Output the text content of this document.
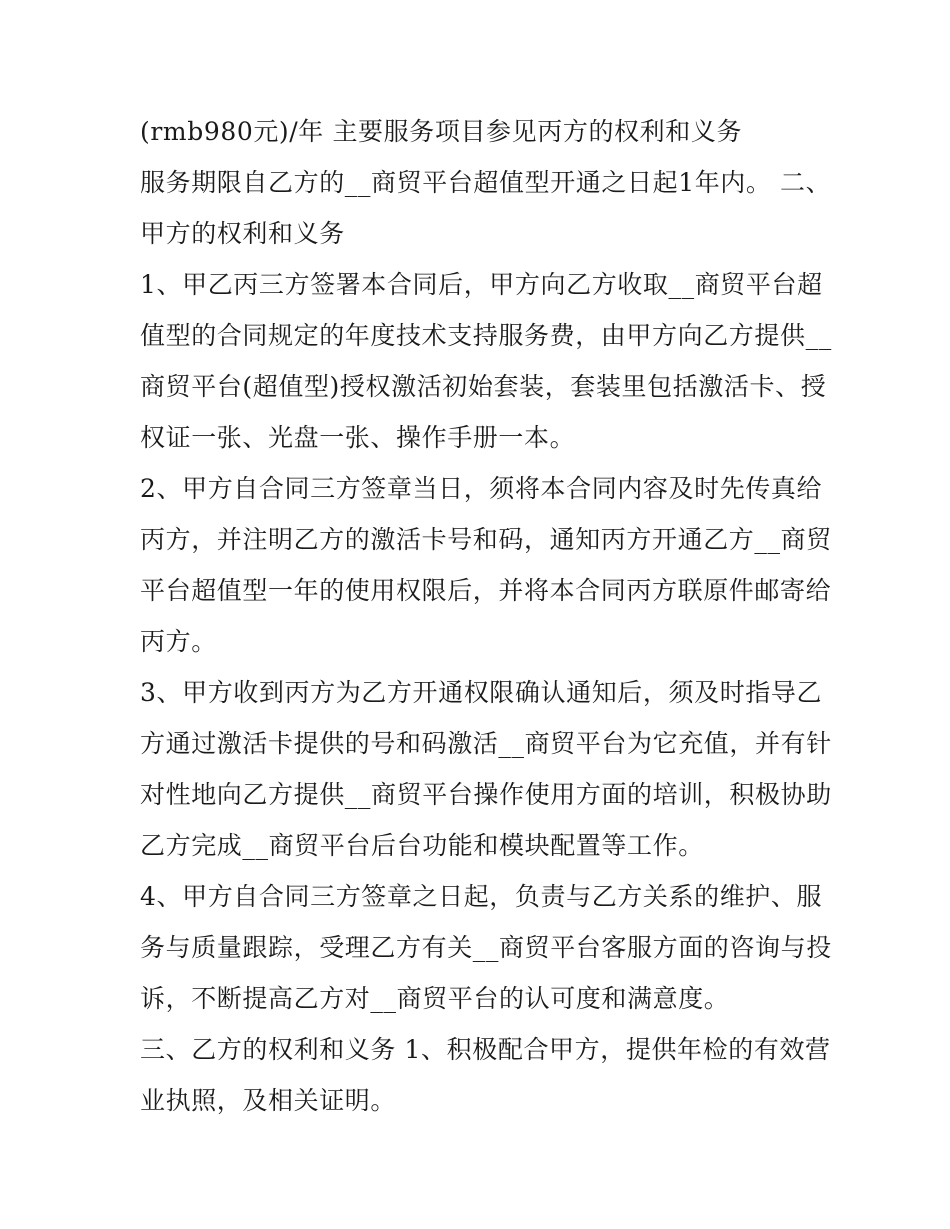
(rmb980元)/年 主要服务项目参见丙方的权利和义务

服务期限自乙方的__商贸平台超值型开通之日起1年内。 二、

甲方的权利和义务

1、甲乙丙三方签署本合同后，甲方向乙方收取__商贸平台超

值型的合同规定的年度技术支持服务费，由甲方向乙方提供__

商贸平台(超值型)授权激活初始套装，套装里包括激活卡、授

权证一张、光盘一张、操作手册一本。

2、甲方自合同三方签章当日，须将本合同内容及时先传真给

丙方，并注明乙方的激活卡号和码，通知丙方开通乙方__商贸

平台超值型一年的使用权限后，并将本合同丙方联原件邮寄给

丙方。

3、甲方收到丙方为乙方开通权限确认通知后，须及时指导乙

方通过激活卡提供的号和码激活__商贸平台为它充值，并有针

对性地向乙方提供__商贸平台操作使用方面的培训，积极协助

乙方完成__商贸平台后台功能和模块配置等工作。

4、甲方自合同三方签章之日起，负责与乙方关系的维护、服

务与质量跟踪，受理乙方有关__商贸平台客服方面的咨询与投

诉，不断提高乙方对__商贸平台的认可度和满意度。

三、乙方的权利和义务 1、积极配合甲方，提供年检的有效营

业执照，及相关证明。
